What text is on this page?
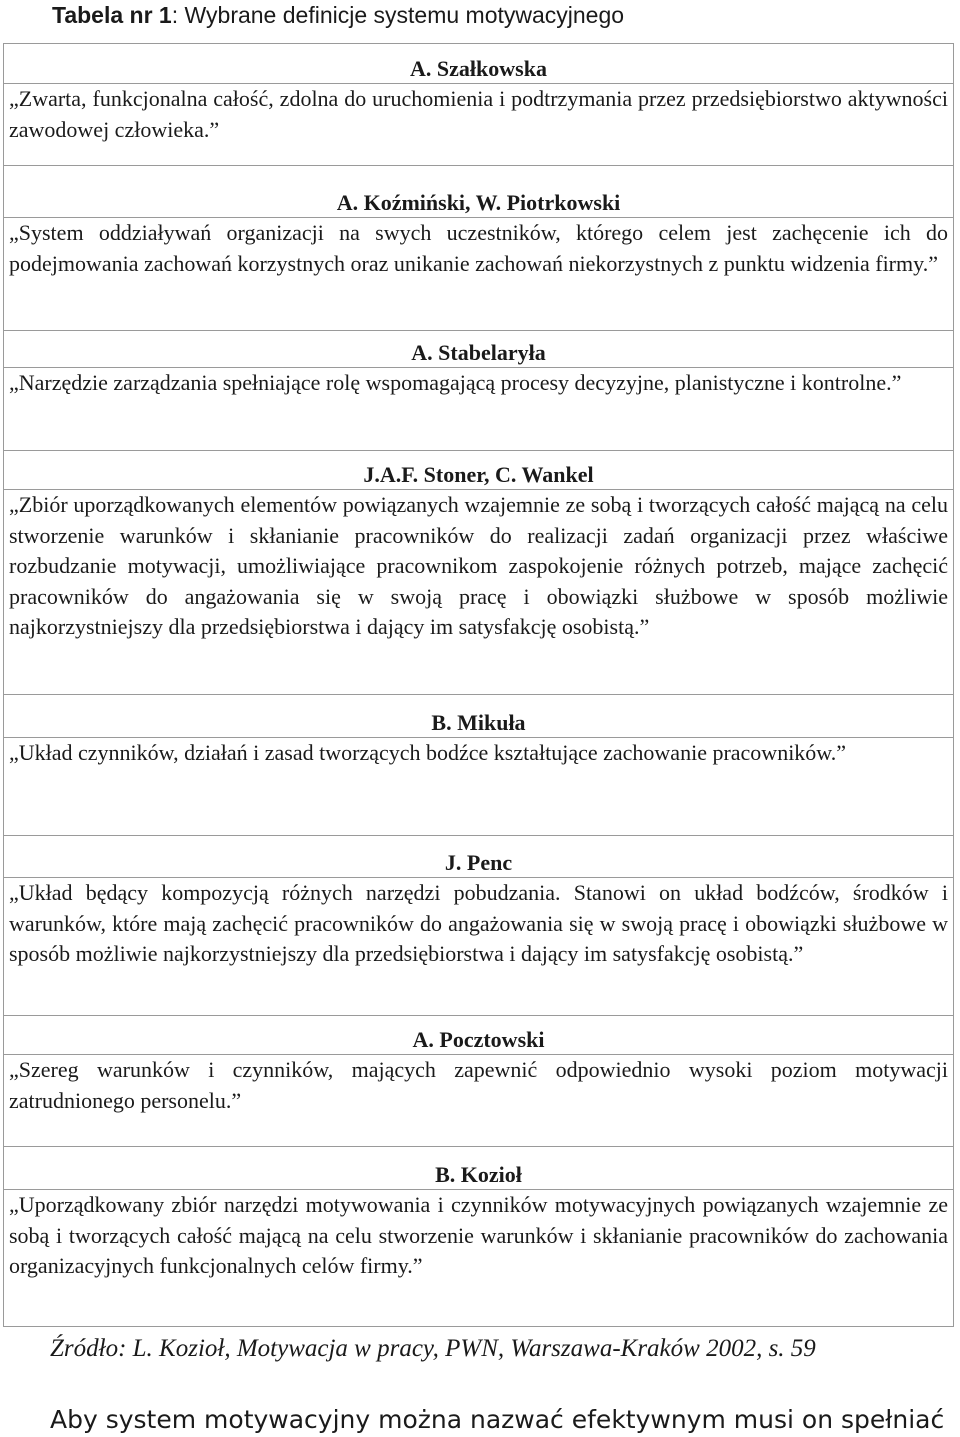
Tabela nr 1: Wybrane definicje systemu motywacyjnego
A. Szałkowska
„Zwarta, funkcjonalna całość, zdolna do uruchomienia i podtrzymania przez przedsiębiorstwo aktywności zawodowej człowieka.”
A. Koźmiński, W. Piotrkowski
„System oddziaływań organizacji na swych uczestników, którego celem jest zachęcenie ich do podejmowania zachowań korzystnych oraz unikanie zachowań niekorzystnych z punktu widzenia firmy.”
A. Stabelaryła
„Narzędzie zarządzania spełniające rolę wspomagającą procesy decyzyjne, planistyczne i kontrolne.”
J.A.F. Stoner, C. Wankel
„Zbiór uporządkowanych elementów powiązanych wzajemnie ze sobą i tworzących całość mającą na celu stworzenie warunków i skłanianie pracowników do realizacji zadań organizacji przez właściwe rozbudzanie motywacji, umożliwiające pracownikom zaspokojenie różnych potrzeb, mające zachęcić pracowników do angażowania się w swoją pracę i obowiązki służbowe w sposób możliwie najkorzystniejszy dla przedsiębiorstwa i dający im satysfakcję osobistą.”
B. Mikuła
„Układ czynników, działań i zasad tworzących bodźce kształtujące zachowanie pracowników.”
J. Penc
„Układ będący kompozycją różnych narzędzi pobudzania. Stanowi on układ bodźców, środków i warunków, które mają zachęcić pracowników do angażowania się w swoją pracę i obowiązki służbowe w sposób możliwie najkorzystniejszy dla przedsiębiorstwa i dający im satysfakcję osobistą.”
A. Pocztowski
„Szereg warunków i czynników, mających zapewnić odpowiednio wysoki poziom motywacji zatrudnionego personelu.”
B. Kozioł
„Uporządkowany zbiór narzędzi motywowania i czynników motywacyjnych powiązanych wzajemnie ze sobą i tworzących całość mającą na celu stworzenie warunków i skłanianie pracowników do zachowania organizacyjnych funkcjonalnych celów firmy.”
Źródło: L. Kozioł, Motywacja w pracy, PWN, Warszawa-Kraków 2002, s. 59
Aby system motywacyjny można nazwać efektywnym musi on spełniać
